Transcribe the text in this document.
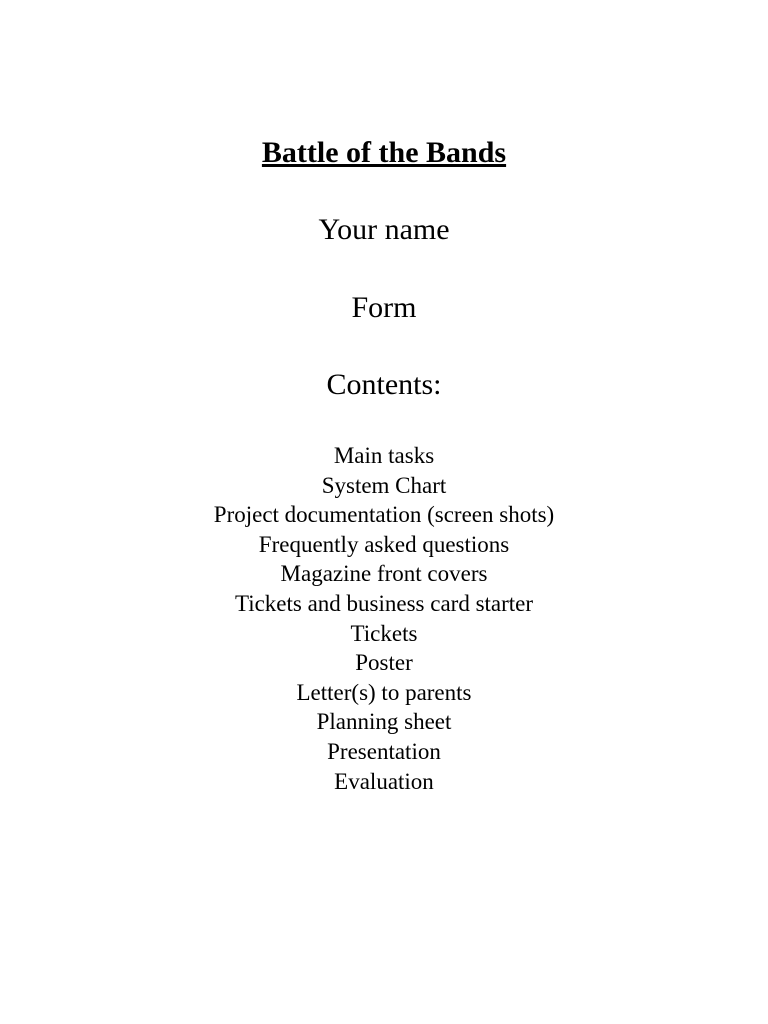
Battle of the Bands

Your name

Form

Contents:

Main tasks
System Chart
Project documentation (screen shots)
Frequently asked questions
Magazine front covers
Tickets and business card starter
Tickets
Poster
Letter(s) to parents
Planning sheet
Presentation
Evaluation
